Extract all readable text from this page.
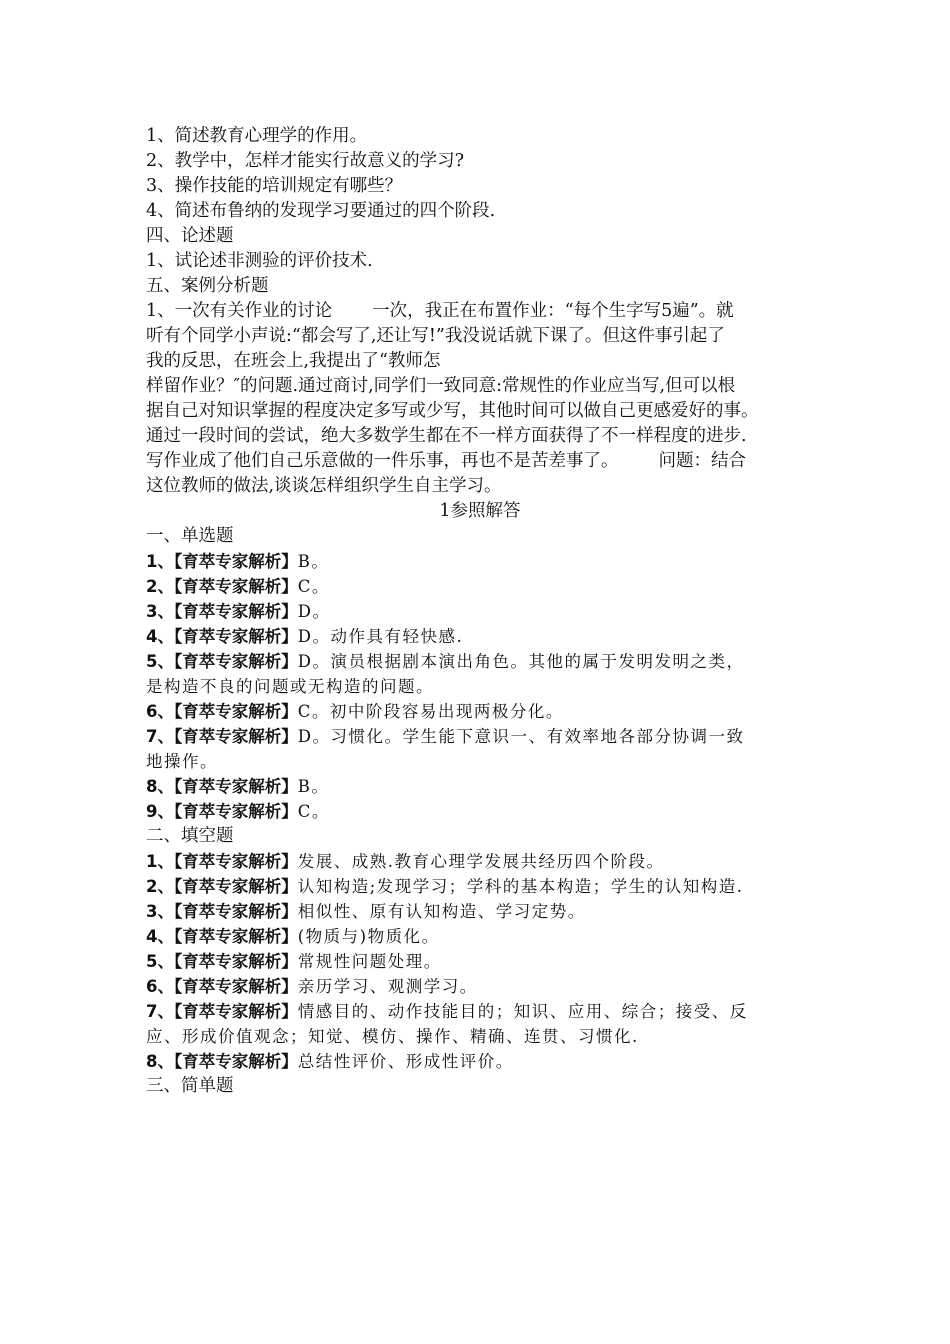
1、简述教育心理学的作用。
2、教学中，怎样才能实行故意义的学习?
3、操作技能的培训规定有哪些？
4、简述布鲁纳的发现学习要通过的四个阶段.
四、论述题
1、试论述非测验的评价技术.
五、案例分析题
1、一次有关作业的讨论 一次，我正在布置作业：“每个生字写5遍”。就
听有个同学小声说:“都会写了,还让写!”我没说话就下课了。但这件事引起了
我的反思，在班会上,我提出了“教师怎
样留作业？″的问题.通过商讨,同学们一致同意:常规性的作业应当写,但可以根
据自己对知识掌握的程度决定多写或少写，其他时间可以做自己更感爱好的事。
通过一段时间的尝试，绝大多数学生都在不一样方面获得了不一样程度的进步.
写作业成了他们自己乐意做的一件乐事，再也不是苦差事了。 问题：结合
这位教师的做法,谈谈怎样组织学生自主学习。
1参照解答
一、单选题
1、【育萃专家解析】B。
2、【育萃专家解析】C。
3、【育萃专家解析】D。
4、【育萃专家解析】D。动作具有轻快感.
5、【育萃专家解析】D。演员根据剧本演出角色。其他的属于发明发明之类，
是构造不良的问题或无构造的问题。
6、【育萃专家解析】C。初中阶段容易出现两极分化。
7、【育萃专家解析】D。习惯化。学生能下意识一、有效率地各部分协调一致
地操作。
8、【育萃专家解析】B。
9、【育萃专家解析】C。
二、填空题
1、【育萃专家解析】发展、成熟.教育心理学发展共经历四个阶段。
2、【育萃专家解析】认知构造;发现学习；学科的基本构造；学生的认知构造.
3、【育萃专家解析】相似性、原有认知构造、学习定势。
4、【育萃专家解析】(物质与)物质化。
5、【育萃专家解析】常规性问题处理。
6、【育萃专家解析】亲历学习、观测学习。
7、【育萃专家解析】情感目的、动作技能目的；知识、应用、综合；接受、反
应、形成价值观念；知觉、模仿、操作、精确、连贯、习惯化.
8、【育萃专家解析】总结性评价、形成性评价。
三、简单题
